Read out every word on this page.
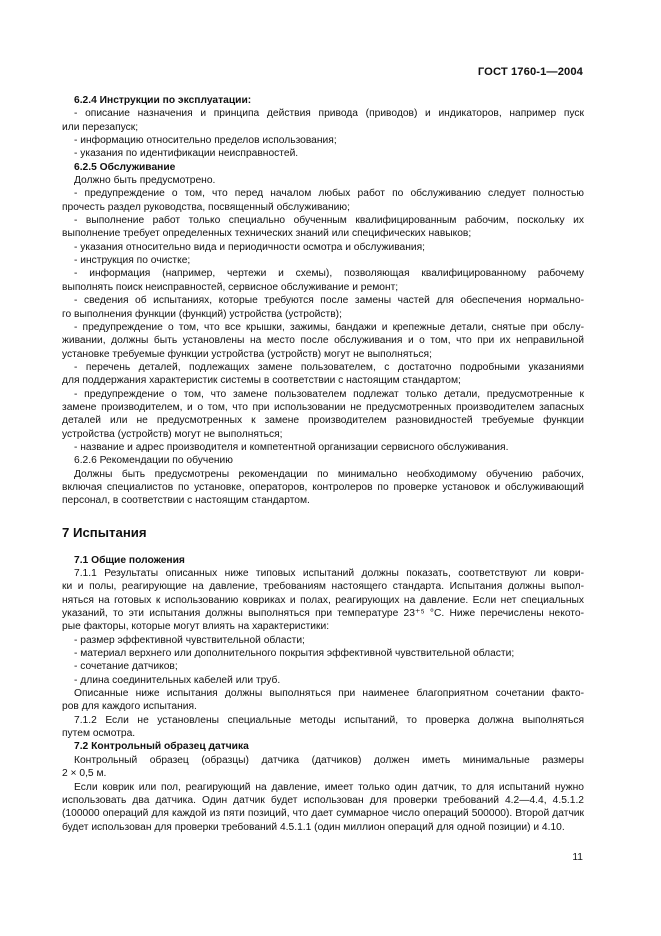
ГОСТ 1760-1—2004
6.2.4 Инструкции по эксплуатации:
- описание назначения и принципа действия привода (приводов) и индикаторов, например пуск
или перезапуск;
- информацию относительно пределов использования;
- указания по идентификации неисправностей.
6.2.5 Обслуживание
Должно быть предусмотрено.
- предупреждение о том, что перед началом любых работ по обслуживанию следует полностью
прочесть раздел руководства, посвященный обслуживанию;
- выполнение работ только специально обученным квалифицированным рабочим, поскольку их
выполнение требует определенных технических знаний или специфических навыков;
- указания относительно вида и периодичности осмотра и обслуживания;
- инструкция по очистке;
- информация (например, чертежи и схемы), позволяющая квалифицированному рабочему
выполнять поиск неисправностей, сервисное обслуживание и ремонт;
- сведения об испытаниях, которые требуются после замены частей для обеспечения нормально-
го выполнения функции (функций) устройства (устройств);
- предупреждение о том, что все крышки, зажимы, бандажи и крепежные детали, снятые при обслу-
живании, должны быть установлены на место после обслуживания и о том, что при их неправильной
установке требуемые функции устройства (устройств) могут не выполняться;
- перечень деталей, подлежащих замене пользователем, с достаточно подробными указаниями
для поддержания характеристик системы в соответствии с настоящим стандартом;
- предупреждение о том, что замене пользователем подлежат только детали, предусмотренные к
замене производителем, и о том, что при использовании не предусмотренных производителем запасных
деталей или не предусмотренных к замене производителем разновидностей требуемые функции
устройства (устройств) могут не выполняться;
- название и адрес производителя и компетентной организации сервисного обслуживания.
6.2.6 Рекомендации по обучению
Должны быть предусмотрены рекомендации по минимально необходимому обучению рабочих,
включая специалистов по установке, операторов, контролеров по проверке установок и обслуживающий
персонал, в соответствии с настоящим стандартом.
7 Испытания
7.1 Общие положения
7.1.1 Результаты описанных ниже типовых испытаний должны показать, соответствуют ли коври-
ки и полы, реагирующие на давление, требованиям настоящего стандарта. Испытания должны выпол-
няться на готовых к использованию ковриках и полах, реагирующих на давление. Если нет специальных
указаний, то эти испытания должны выполняться при температуре 23⁺⁵ °С. Ниже перечислены некото-
рые факторы, которые могут влиять на характеристики:
- размер эффективной чувствительной области;
- материал верхнего или дополнительного покрытия эффективной чувствительной области;
- сочетание датчиков;
- длина соединительных кабелей или труб.
Описанные ниже испытания должны выполняться при наименее благоприятном сочетании факто-
ров для каждого испытания.
7.1.2 Если не установлены специальные методы испытаний, то проверка должна выполняться
путем осмотра.
7.2 Контрольный образец датчика
Контрольный образец (образцы) датчика (датчиков) должен иметь минимальные размеры
2 × 0,5 м.
Если коврик или пол, реагирующий на давление, имеет только один датчик, то для испытаний нужно
использовать два датчика. Один датчик будет использован для проверки требований 4.2—4.4, 4.5.1.2
(100000 операций для каждой из пяти позиций, что дает суммарное число операций 500000). Второй датчик
будет использован для проверки требований 4.5.1.1 (один миллион операций для одной позиции) и 4.10.
11
